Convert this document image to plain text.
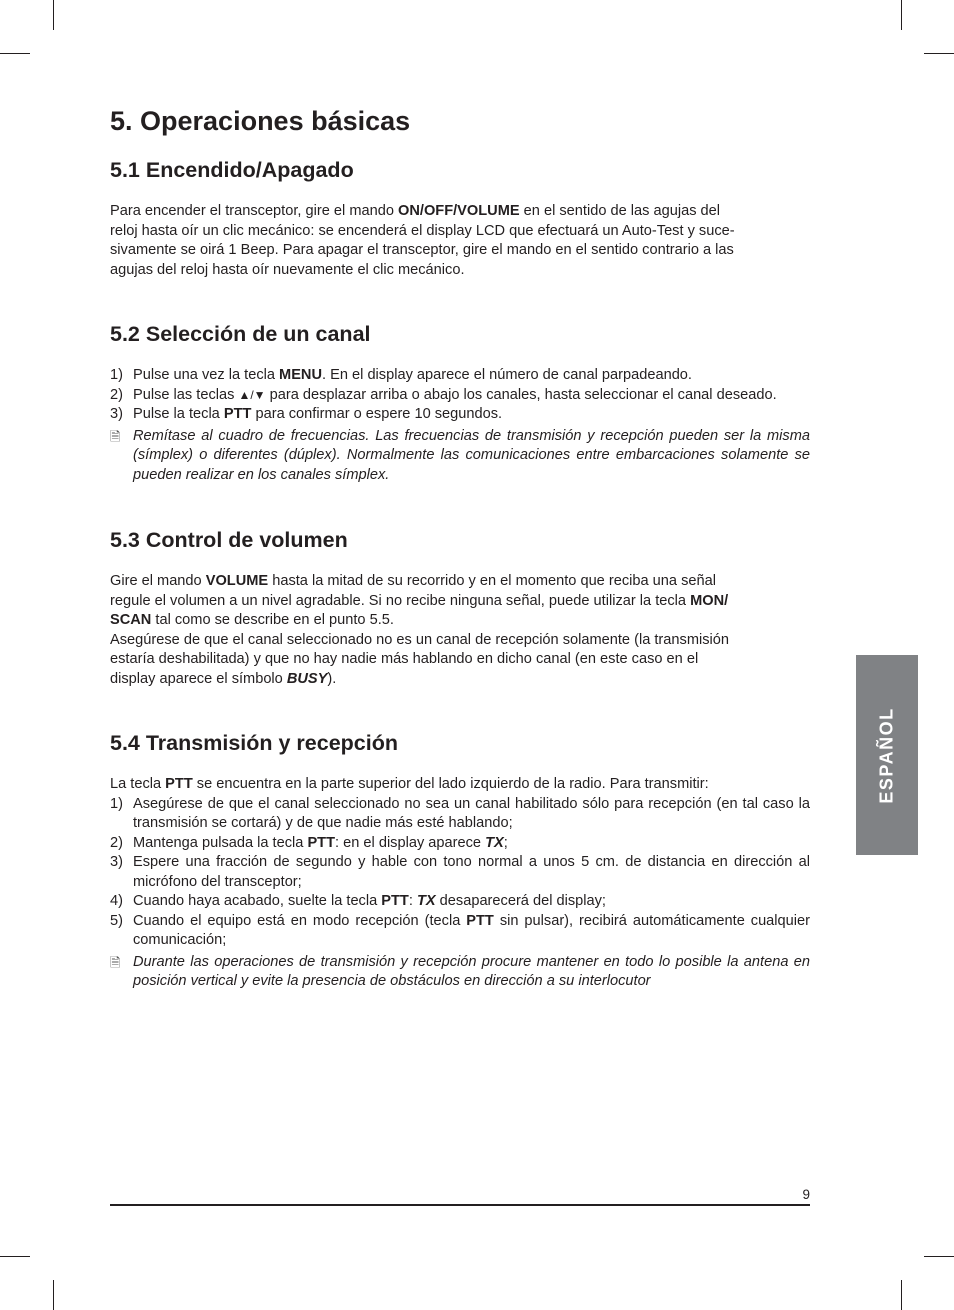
5. Operaciones básicas
5.1 Encendido/Apagado

Para encender el transceptor, gire el mando ON/OFF/VOLUME en el sentido de las agujas del
reloj hasta oír un clic mecánico: se encenderá el display LCD que efectuará un Auto-Test y suce-
sivamente se oirá 1 Beep. Para apagar el transceptor, gire el mando en el sentido contrario a las
agujas del reloj hasta oír nuevamente el clic mecánico.

5.2 Selección de un canal
1) Pulse una vez la tecla MENU. En el display aparece el número de canal parpadeando.
2) Pulse las teclas ▲/▼ para desplazar arriba o abajo los canales, hasta seleccionar el canal deseado.
3) Pulse la tecla PTT para confirmar o espere 10 segundos.
🗎 Remítase al cuadro de frecuencias. Las frecuencias de transmisión y recepción pueden ser la misma (símplex) o diferentes (dúplex). Normalmente las comunicaciones entre embarcaciones solamente se pueden realizar en los canales símplex.
5.3 Control de volumen

Gire el mando VOLUME hasta la mitad de su recorrido y en el momento que reciba una señal
regule el volumen a un nivel agradable. Si no recibe ninguna señal, puede utilizar la tecla MON/
SCAN tal como se describe en el punto 5.5.

Asegúrese de que el canal seleccionado no es un canal de recepción solamente (la transmisión
estaría deshabilitada) y que no hay nadie más hablando en dicho canal (en este caso en el
display aparece el símbolo BUSY).

5.4 Transmisión y recepción

La tecla PTT se encuentra en la parte superior del lado izquierdo de la radio. Para transmitir:

1) Asegúrese de que el canal seleccionado no sea un canal habilitado sólo para recepción (en tal caso la transmisión se cortará) y de que nadie más esté hablando;
2) Mantenga pulsada la tecla PTT: en el display aparece TX;
3) Espere una fracción de segundo y hable con tono normal a unos 5 cm. de distancia en dirección al micrófono del transceptor;
4) Cuando haya acabado, suelte la tecla PTT: TX desaparecerá del display;
5) Cuando el equipo está en modo recepción (tecla PTT sin pulsar), recibirá automáticamente cualquier comunicación;
🗎 Durante las operaciones de transmisión y recepción procure mantener en todo lo posible la antena en posición vertical y evite la presencia de obstáculos en dirección a su interlocutor
ESPAÑOL
9
